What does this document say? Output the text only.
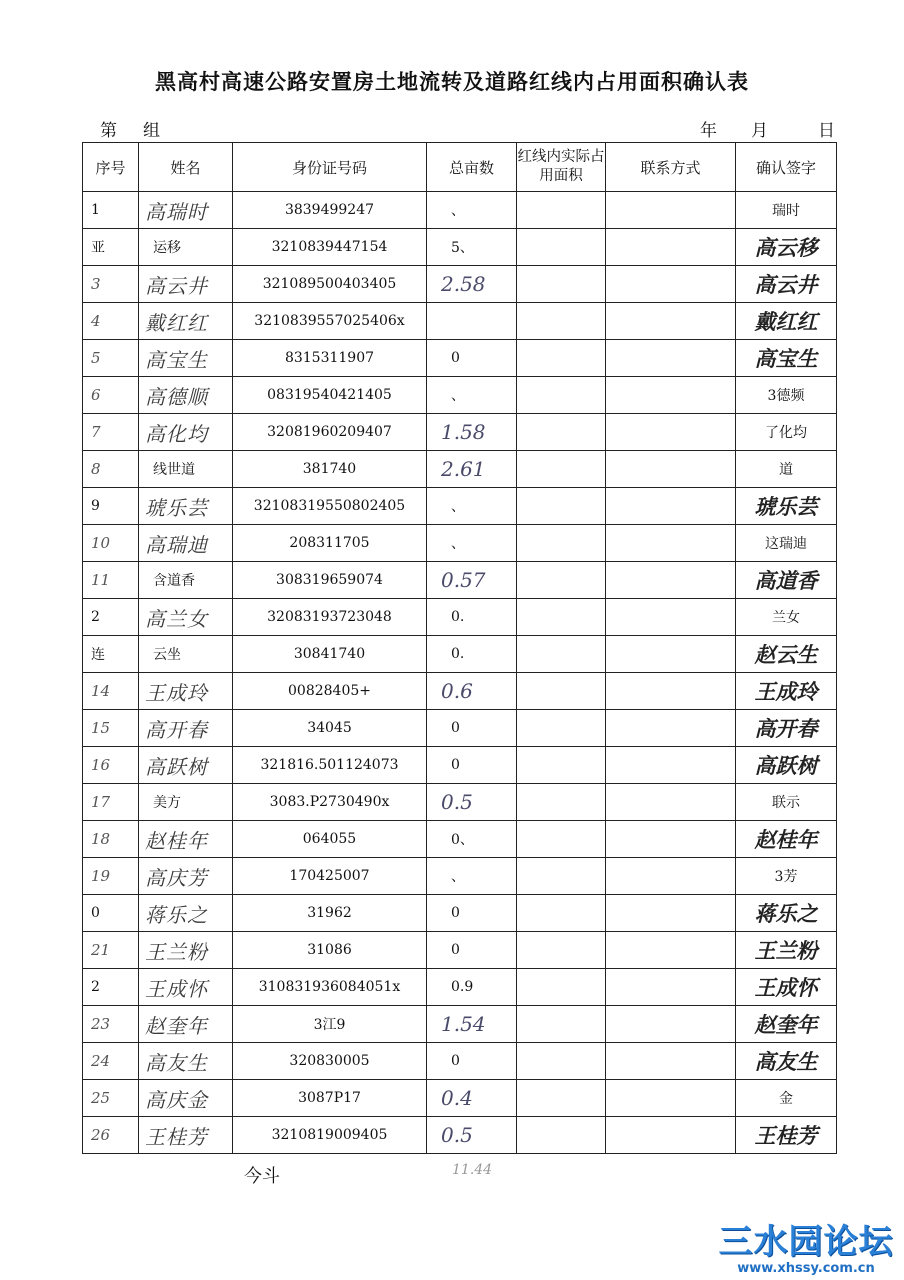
黑高村高速公路安置房土地流转及道路红线内占用面积确认表
第 组	年 月	日
序号	姓名	身份证号码	总亩数	红线内实际占用面积	联系方式	确认签字
1	高瑞时	3839499247	、			瑞时
亚	运移	3210839447154	5、			高云移
3	高云井	321089500403405	2.58			高云井
4	戴红红	3210839557025406x				戴红红
5	高宝生	8315311907	0			高宝生
6	高德顺	08319540421405	、			3德频
7	高化均	32081960209407	1.58			了化均
8	线世道	381740	2.61			道
9	琥乐芸	32108319550802405	、			琥乐芸
10	高瑞迪	208311705	、			这瑞迪
11	含道香	308319659074	0.57			高道香
2	高兰女	32083193723048	0.			兰女
连	云坐	30841740	0.			赵云生
14	王成玲	00828405+	0.6			王成玲
15	高开春	34045	0			高开春
16	高跃树	321816.501124073	0			高跃树
17	美方	3083.P2730490x	0.5			联示
18	赵桂年	064055	0、			赵桂年
19	高庆芳	170425007	、			3芳
0	蒋乐之	31962	0			蒋乐之
21	王兰粉	31086	0			王兰粉
2	王成怀	310831936084051x	0.9			王成怀
23	赵奎年	3江9	1.54			赵奎年
24	高友生	320830005	0			高友生
25	高庆金	3087P17	0.4			金
26	王桂芳	3210819009405	0.5			王桂芳
今斗	11.44
三水园论坛
www.xhssy.com.cn
